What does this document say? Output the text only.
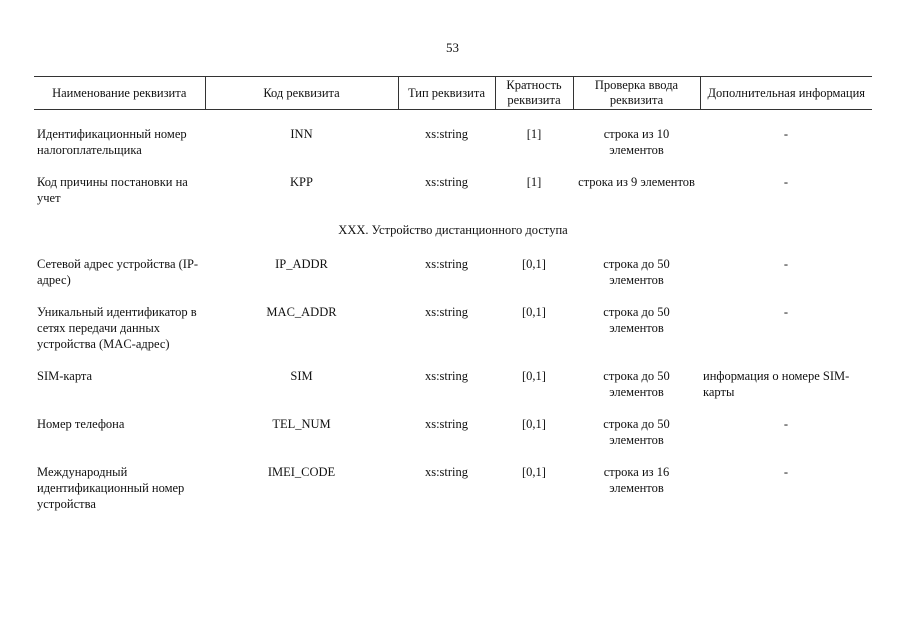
53
Наименование реквизита	Код реквизита	Тип реквизита	Кратность реквизита	Проверка ввода реквизита	Дополнительная информация
Идентификационный номер налогоплательщика	INN	xs:string	[1]	строка из 10 элементов	-
Код причины постановки на учет	KPP	xs:string	[1]	строка из 9 элементов	-
XXX. Устройство дистанционного доступа					
Сетевой адрес устройства (IP-адрес)	IP_ADDR	xs:string	[0,1]	строка до 50 элементов	-
Уникальный идентификатор в сетях передачи данных устройства (MAC-адрес)	MAC_ADDR	xs:string	[0,1]	строка до 50 элементов	-
SIM-карта	SIM	xs:string	[0,1]	строка до 50 элементов	информация о номере SIM-карты
Номер телефона	TEL_NUM	xs:string	[0,1]	строка до 50 элементов	-
Международный идентификационный номер устройства	IMEI_CODE	xs:string	[0,1]	строка из 16 элементов	-
